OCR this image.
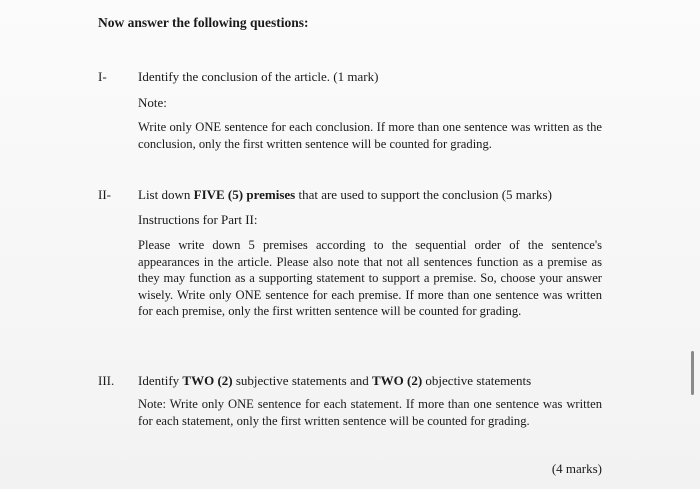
Now answer the following questions:
I- Identify the conclusion of the article. (1 mark)
Note:
Write only ONE sentence for each conclusion. If more than one sentence was written as the conclusion, only the first written sentence will be counted for grading.
II- List down FIVE (5) premises that are used to support the conclusion (5 marks)
Instructions for Part II:
Please write down 5 premises according to the sequential order of the sentence's appearances in the article. Please also note that not all sentences function as a premise as they may function as a supporting statement to support a premise. So, choose your answer wisely. Write only ONE sentence for each premise. If more than one sentence was written for each premise, only the first written sentence will be counted for grading.
III. Identify TWO (2) subjective statements and TWO (2) objective statements
Note: Write only ONE sentence for each statement. If more than one sentence was written for each statement, only the first written sentence will be counted for grading.
(4 marks)
